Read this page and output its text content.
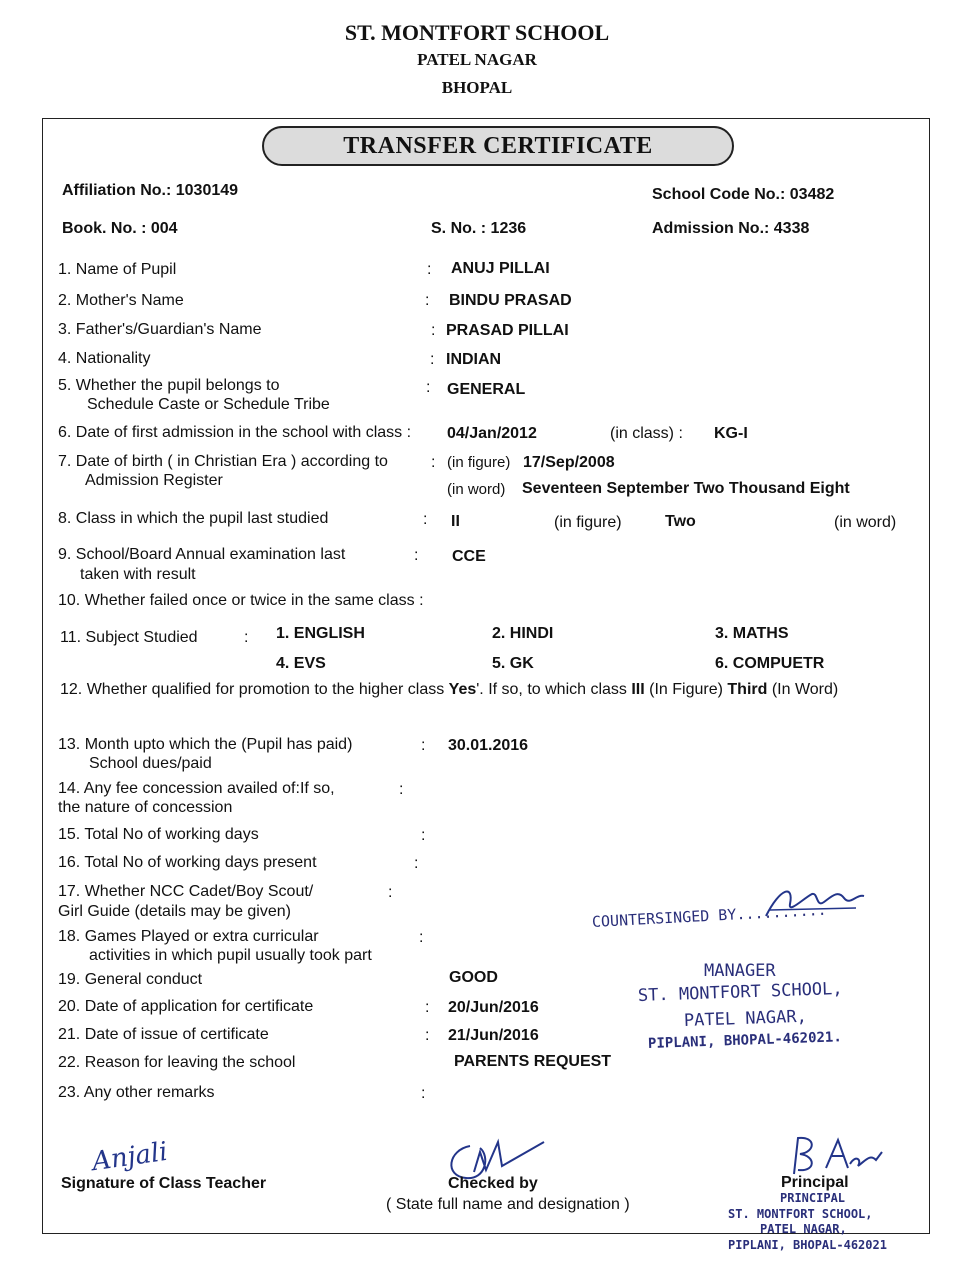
ST. MONTFORT SCHOOL
PATEL NAGAR
BHOPAL
TRANSFER CERTIFICATE
Affiliation No.: 1030149	School Code No.: 03482
Book. No. : 004	S. No. : 1236	Admission No.: 4338
1. Name of Pupil	: ANUJ PILLAI
2. Mother's Name	: BINDU PRASAD
3. Father's/Guardian's Name	: PRASAD PILLAI
4. Nationality	: INDIAN
5. Whether the pupil belongs to
Schedule Caste or Schedule Tribe
: GENERAL
6. Date of first admission in the school with class : 04/Jan/2012	(in class) : KG-I
7. Date of birth ( in Christian Era ) according to
Admission Register
: (in figure) 17/Sep/2008
(in word) Seventeen September Two Thousand Eight
8. Class in which the pupil last studied	: II	(in figure)	Two	(in word)
9. School/Board Annual examination last
taken with result
: CCE
10. Whether failed once or twice in the same class :
11. Subject Studied	: 1. ENGLISH	2. HINDI	3. MATHS
4. EVS	5. GK	6. COMPUETR
12. Whether qualified for promotion to the higher class Yes'. If so, to which class III (In Figure) Third (In Word)
13. Month upto which the (Pupil has paid)
School dues/paid
: 30.01.2016
14. Any fee concession availed of:If so,
the nature of concession
:
15. Total No of working days	:
16. Total No of working days present	:
17. Whether NCC Cadet/Boy Scout/
Girl Guide (details may be given)
:
18. Games Played or extra curricular
activities in which pupil usually took part
:
19. General conduct	GOOD
20. Date of application for certificate	: 20/Jun/2016
21. Date of issue of certificate	: 21/Jun/2016
22. Reason for leaving the school	PARENTS REQUEST
23. Any other remarks	:
COUNTERSINGED BY..........
MANAGER
ST. MONTFORT SCHOOL,
PATEL NAGAR,
PIPLANI, BHOPAL-462021.
Anjali
Signature of Class Teacher	Checked by
( State full name and designation )
Principal
PRINCIPAL
ST. MONTFORT SCHOOL,
PATEL NAGAR,
PIPLANI, BHOPAL-462021
